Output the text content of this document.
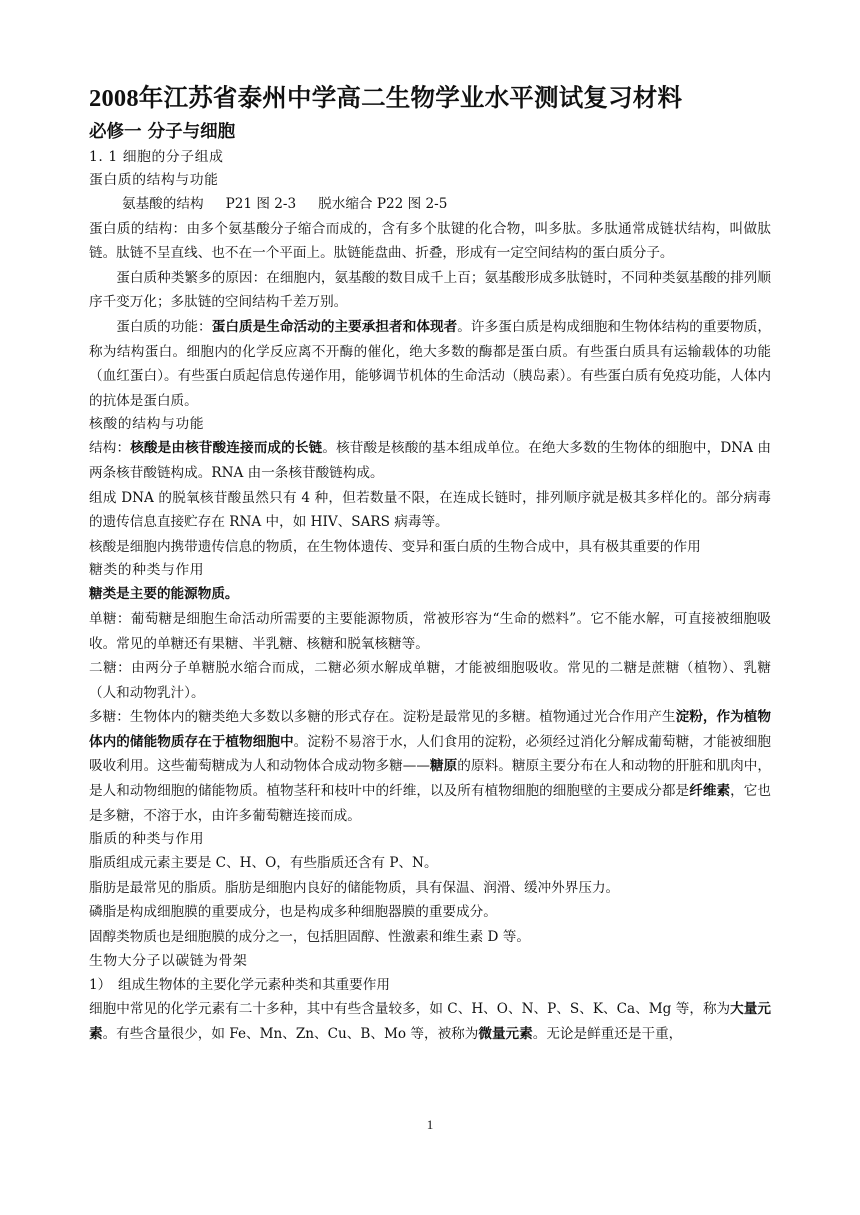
2008年江苏省泰州中学高二生物学业水平测试复习材料
必修一 分子与细胞
1. 1 细胞的分子组成
蛋白质的结构与功能

氨基酸的结构 P21 图 2-3 脱水缩合 P22 图 2-5

蛋白质的结构：由多个氨基酸分子缩合而成的，含有多个肽键的化合物，叫多肽。多肽通常成链状结构，叫做肽链。肽链不呈直线、也不在一个平面上。肽链能盘曲、折叠，形成有一定空间结构的蛋白质分子。

蛋白质种类繁多的原因：在细胞内，氨基酸的数目成千上百；氨基酸形成多肽链时，不同种类氨基酸的排列顺序千变万化；多肽链的空间结构千差万别。

蛋白质的功能：蛋白质是生命活动的主要承担者和体现者。许多蛋白质是构成细胞和生物体结构的重要物质，称为结构蛋白。细胞内的化学反应离不开酶的催化，绝大多数的酶都是蛋白质。有些蛋白质具有运输载体的功能（血红蛋白）。有些蛋白质起信息传递作用，能够调节机体的生命活动（胰岛素）。有些蛋白质有免疫功能，人体内的抗体是蛋白质。

核酸的结构与功能

结构：核酸是由核苷酸连接而成的长链。核苷酸是核酸的基本组成单位。在绝大多数的生物体的细胞中，DNA 由两条核苷酸链构成。RNA 由一条核苷酸链构成。

组成 DNA 的脱氧核苷酸虽然只有 4 种，但若数量不限，在连成长链时，排列顺序就是极其多样化的。部分病毒的遗传信息直接贮存在 RNA 中，如 HIV、SARS 病毒等。

核酸是细胞内携带遗传信息的物质，在生物体遗传、变异和蛋白质的生物合成中，具有极其重要的作用

糖类的种类与作用

糖类是主要的能源物质。

单糖：葡萄糖是细胞生命活动所需要的主要能源物质，常被形容为“生命的燃料”。它不能水解，可直接被细胞吸收。常见的单糖还有果糖、半乳糖、核糖和脱氧核糖等。

二糖：由两分子单糖脱水缩合而成，二糖必须水解成单糖，才能被细胞吸收。常见的二糖是蔗糖（植物）、乳糖（人和动物乳汁）。

多糖：生物体内的糖类绝大多数以多糖的形式存在。淀粉是最常见的多糖。植物通过光合作用产生淀粉，作为植物体内的储能物质存在于植物细胞中。淀粉不易溶于水，人们食用的淀粉，必须经过消化分解成葡萄糖，才能被细胞吸收利用。这些葡萄糖成为人和动物体合成动物多糖——糖原的原料。糖原主要分布在人和动物的肝脏和肌肉中，是人和动物细胞的储能物质。植物茎秆和枝叶中的纤维，以及所有植物细胞的细胞壁的主要成分都是纤维素，它也是多糖，不溶于水，由许多葡萄糖连接而成。

脂质的种类与作用

脂质组成元素主要是 C、H、O，有些脂质还含有 P、N。

脂肪是最常见的脂质。脂肪是细胞内良好的储能物质，具有保温、润滑、缓冲外界压力。

磷脂是构成细胞膜的重要成分，也是构成多种细胞器膜的重要成分。

固醇类物质也是细胞膜的成分之一，包括胆固醇、性激素和维生素 D 等。

生物大分子以碳链为骨架

1）　组成生物体的主要化学元素种类和其重要作用

细胞中常见的化学元素有二十多种，其中有些含量较多，如 C、H、O、N、P、S、K、Ca、Mg 等，称为大量元素。有些含量很少，如 Fe、Mn、Zn、Cu、B、Mo 等，被称为微量元素。无论是鲜重还是干重，

1
